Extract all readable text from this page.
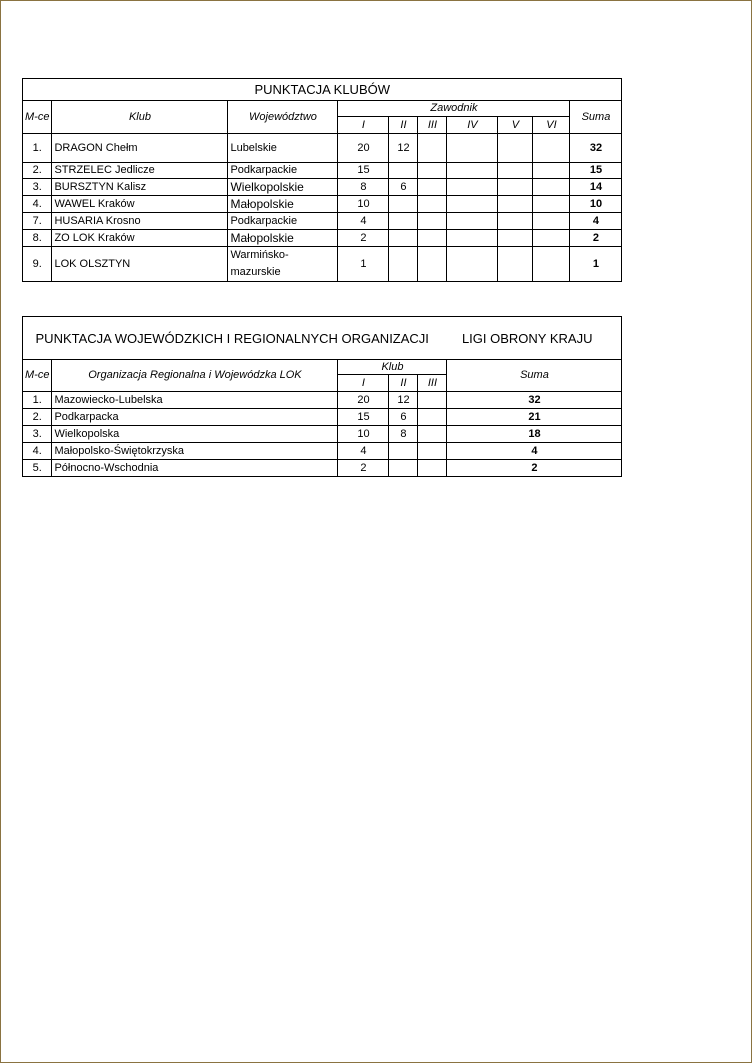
PUNKTACJA KLUBÓW									
M-ce	Klub	Województwo	Zawodnik						Suma
			I	II	III	IV	V	VI	
1.	DRAGON Chełm	Lubelskie	20	12					32
2.	STRZELEC Jedlicze	Podkarpackie	15						15
3.	BURSZTYN Kalisz	Wielkopolskie	8	6					14
4.	WAWEL Kraków	Małopolskie	10						10
7.	HUSARIA Krosno	Podkarpackie	4						4
8.	ZO LOK Kraków	Małopolskie	2						2
9.	LOK OLSZTYN	Warmińsko-mazurskie	1						1
PUNKTACJA WOJEWÓDZKICH I REGIONALNYCH ORGANIZACJI LIGI OBRONY KRAJU					
M-ce	Organizacja Regionalna i Wojewódzka LOK	Klub			Suma
		I	II	III	
1.	Mazowiecko-Lubelska	20	12		32
2.	Podkarpacka	15	6		21
3.	Wielkopolska	10	8		18
4.	Małopolsko-Świętokrzyska	4			4
5.	Północno-Wschodnia	2			2
